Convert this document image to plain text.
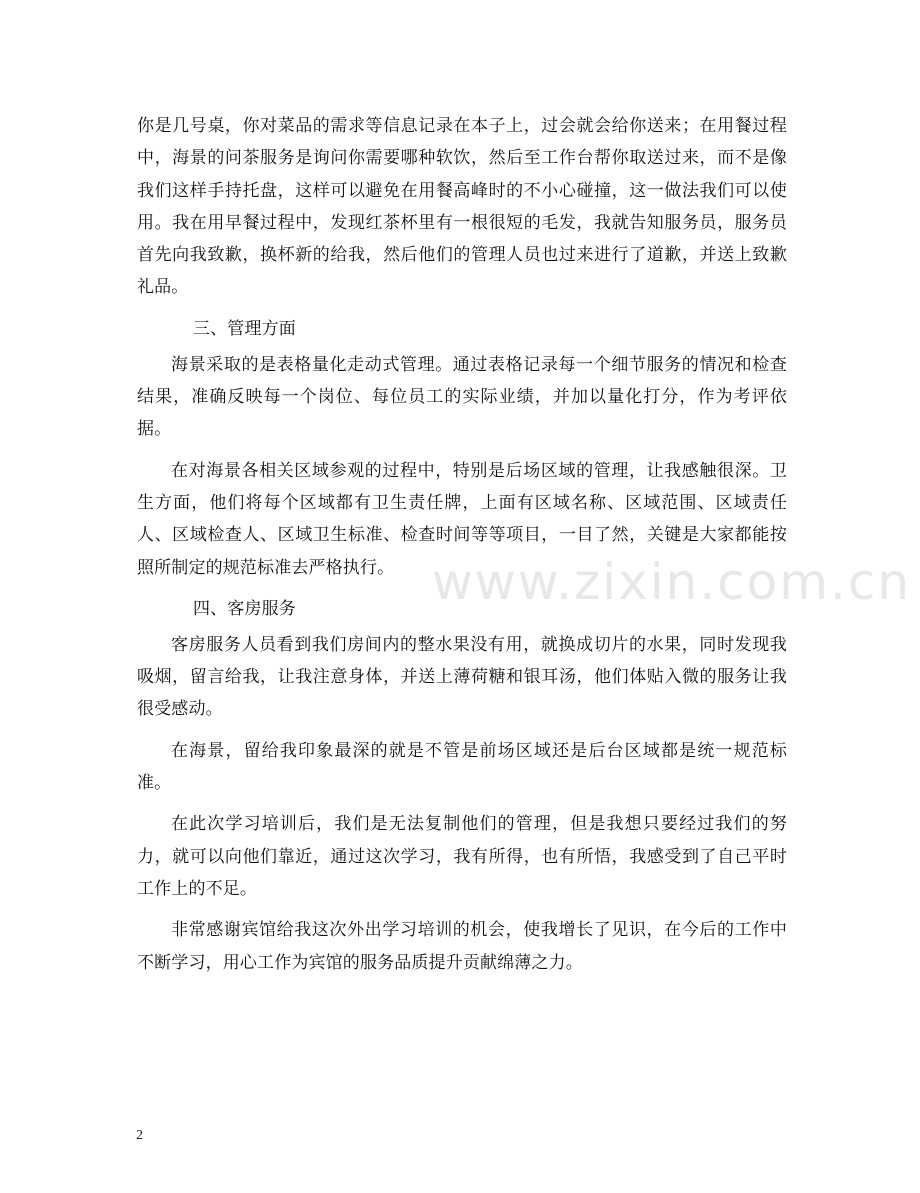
www.zixin.com.cn

你是几号桌，你对菜品的需求等信息记录在本子上，过会就会给你送来；在用餐过程中，海景的问茶服务是询问你需要哪种软饮，然后至工作台帮你取送过来，而不是像我们这样手持托盘，这样可以避免在用餐高峰时的不小心碰撞，这一做法我们可以使用。我在用早餐过程中，发现红茶杯里有一根很短的毛发，我就告知服务员，服务员首先向我致歉，换杯新的给我，然后他们的管理人员也过来进行了道歉，并送上致歉礼品。

三、管理方面

海景采取的是表格量化走动式管理。通过表格记录每一个细节服务的情况和检查结果，准确反映每一个岗位、每位员工的实际业绩，并加以量化打分，作为考评依据。

在对海景各相关区域参观的过程中，特别是后场区域的管理，让我感触很深。卫生方面，他们将每个区域都有卫生责任牌，上面有区域名称、区域范围、区域责任人、区域检查人、区域卫生标准、检查时间等等项目，一目了然，关键是大家都能按照所制定的规范标准去严格执行。

四、客房服务

客房服务人员看到我们房间内的整水果没有用，就换成切片的水果，同时发现我吸烟，留言给我，让我注意身体，并送上薄荷糖和银耳汤，他们体贴入微的服务让我很受感动。

在海景，留给我印象最深的就是不管是前场区域还是后台区域都是统一规范标准。

在此次学习培训后，我们是无法复制他们的管理，但是我想只要经过我们的努力，就可以向他们靠近，通过这次学习，我有所得，也有所悟，我感受到了自己平时工作上的不足。

非常感谢宾馆给我这次外出学习培训的机会，使我增长了见识，在今后的工作中不断学习，用心工作为宾馆的服务品质提升贡献绵薄之力。

2
